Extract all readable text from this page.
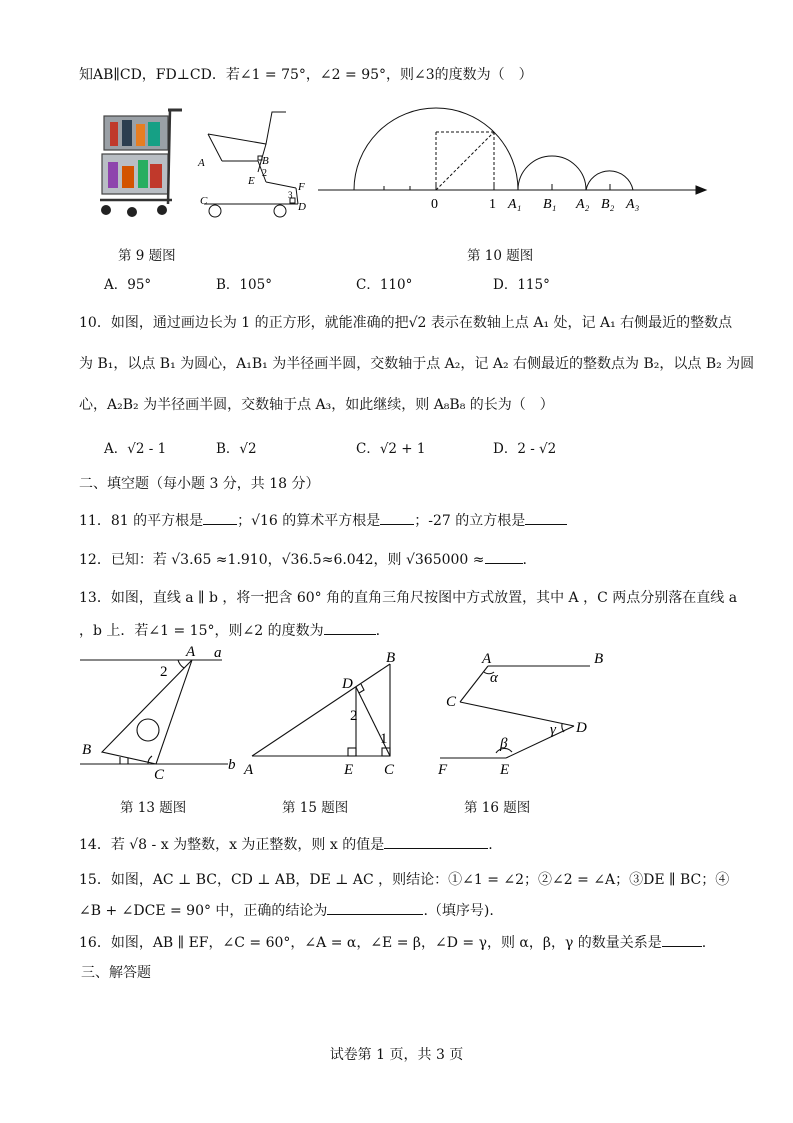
知AB∥CD，FD⊥CD．若∠1 = 75°，∠2 = 95°，则∠3的度数为（　）
A	B
2
E
C
F
3
D	0	1 A₁ B₁ A₂ B₂ A₃
第 9 题图	第 10 题图
A．95°	B．105°	C．110°	D．115°
10．如图，通过画边长为 1 的正方形，就能准确的把√2 表示在数轴上点 A₁ 处，记 A₁ 右侧最近的整数点
为 B₁，以点 B₁ 为圆心，A₁B₁ 为半径画半圆，交数轴于点 A₂，记 A₂ 右侧最近的整数点为 B₂，以点 B₂ 为圆
心，A₂B₂ 为半径画半圆，交数轴于点 A₃，如此继续，则 A₈B₈ 的长为（　）
A．√2 - 1	B．√2	C．√2 + 1	D．2 - √2
二、填空题（每小题 3 分，共 18 分）
11．81 的平方根是 ；√16 的算术平方根是 ；-27 的立方根是
12．已知：若 √3.65 ≈1.910，√36.5≈6.042，则 √365000 ≈	.
13．如图，直线 a ∥ b ，将一把含 60° 角的直角三角尺按图中方式放置，其中 A ，C 两点分别落在直线 a
，b 上．若∠1 = 15°，则∠2 的度数为	.
A a
2
B
C
b
B
D
2
1
A	E C
A	B
α
C
γ D
β
F	E
第 13 题图	第 15 题图	第 16 题图
14．若 √8 - x 为整数，x 为正整数，则 x 的值是	.
15．如图，AC ⊥ BC，CD ⊥ AB，DE ⊥ AC ，则结论：①∠1 = ∠2；②∠2 = ∠A；③DE ∥ BC；④
∠B + ∠DCE = 90° 中，正确的结论为	.（填序号).
16．如图，AB ∥ EF，∠C = 60°，∠A = α，∠E = β，∠D = γ，则 α，β，γ 的数量关系是	.
三、解答题
试卷第 1 页，共 3 页
